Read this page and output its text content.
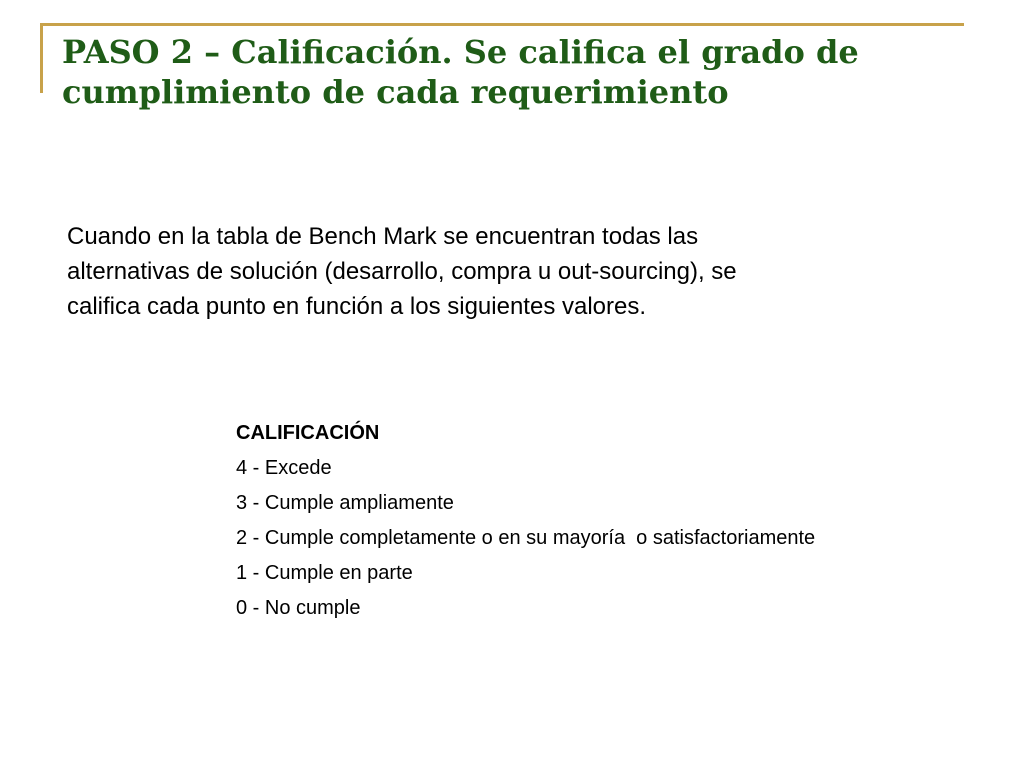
PASO 2 – Calificación. Se califica el grado de
cumplimiento de cada requerimiento

Cuando en la tabla de Bench Mark se encuentran todas las
alternativas de solución (desarrollo, compra u out-sourcing), se
califica cada punto en función a los siguientes valores.

CALIFICACIÓN
4 - Excede
3 - Cumple ampliamente
2 - Cumple completamente o en su mayoría  o satisfactoriamente
1 - Cumple en parte
0 - No cumple
